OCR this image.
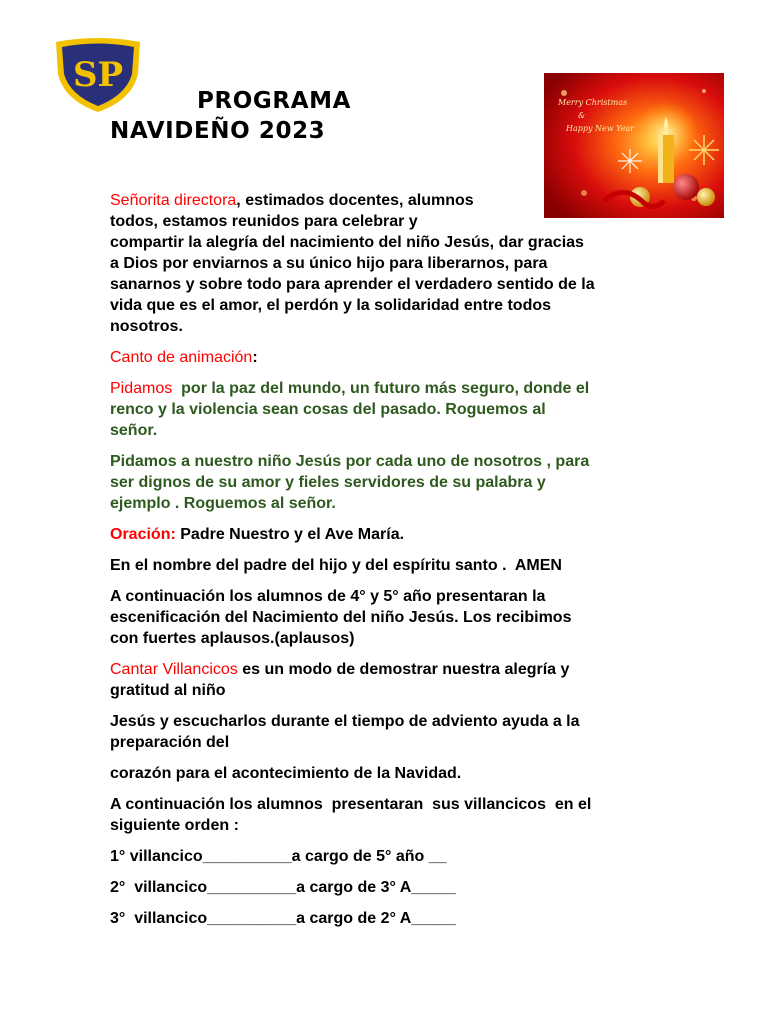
SP
Merry Christmas
&
Happy New Year
PROGRAMA
NAVIDEÑO 2023

Señorita directora, estimados docentes, alumnos
todos, estamos reunidos para celebrar y
compartir la alegría del nacimiento del niño Jesús, dar gracias
a Dios por enviarnos a su único hijo para liberarnos, para
sanarnos y sobre todo para aprender el verdadero sentido de la
vida que es el amor, el perdón y la solidaridad entre todos
nosotros.

Canto de animación:

Pidamos  por la paz del mundo, un futuro más seguro, donde el
renco y la violencia sean cosas del pasado. Roguemos al
señor.

Pidamos a nuestro niño Jesús por cada uno de nosotros , para
ser dignos de su amor y fieles servidores de su palabra y
ejemplo . Roguemos al señor.

Oración: Padre Nuestro y el Ave María.

En el nombre del padre del hijo y del espíritu santo .  AMEN

A continuación los alumnos de 4° y 5° año presentaran la
escenificación del Nacimiento del niño Jesús. Los recibimos
con fuertes aplausos.(aplausos)

Cantar Villancicos es un modo de demostrar nuestra alegría y
gratitud al niño

Jesús y escucharlos durante el tiempo de adviento ayuda a la
preparación del

corazón para el acontecimiento de la Navidad.

A continuación los alumnos  presentaran  sus villancicos  en el
siguiente orden :

1° villancico__________a cargo de 5° año __

2°  villancico__________a cargo de 3° A_____

3°  villancico__________a cargo de 2° A_____
